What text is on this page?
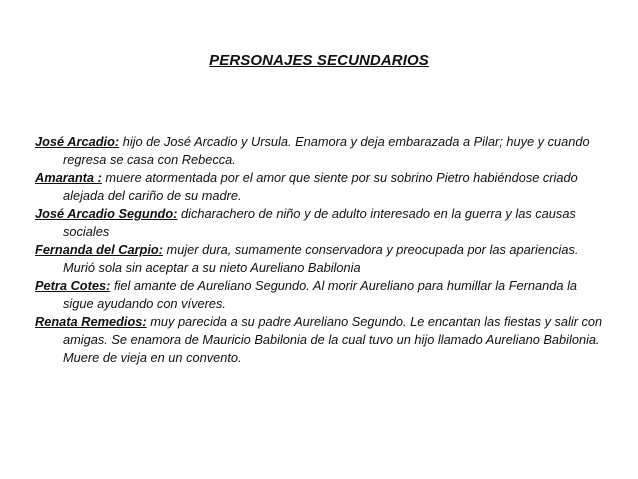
PERSONAJES SECUNDARIOS
José Arcadio: hijo de José Arcadio y Ursula. Enamora y deja embarazada a Pilar; huye y cuando regresa se casa con Rebecca.
Amaranta : muere atormentada por el amor que siente por su sobrino Pietro habiéndose criado alejada del cariño de su madre.
José Arcadio Segundo: dicharachero de niño y de adulto interesado en la guerra y las causas sociales
Fernanda del Carpio: mujer dura, sumamente conservadora y preocupada por las apariencias. Murió sola sin aceptar a su nieto Aureliano Babilonia
Petra Cotes: fiel amante de Aureliano Segundo. Al morir Aureliano para humillar la Fernanda la sigue ayudando con víveres.
Renata Remedios: muy parecida a su padre Aureliano Segundo. Le encantan las fiestas y salir con amigas. Se enamora de Mauricio Babilonia de la cual tuvo un hijo llamado Aureliano Babilonia. Muere de vieja en un convento.
